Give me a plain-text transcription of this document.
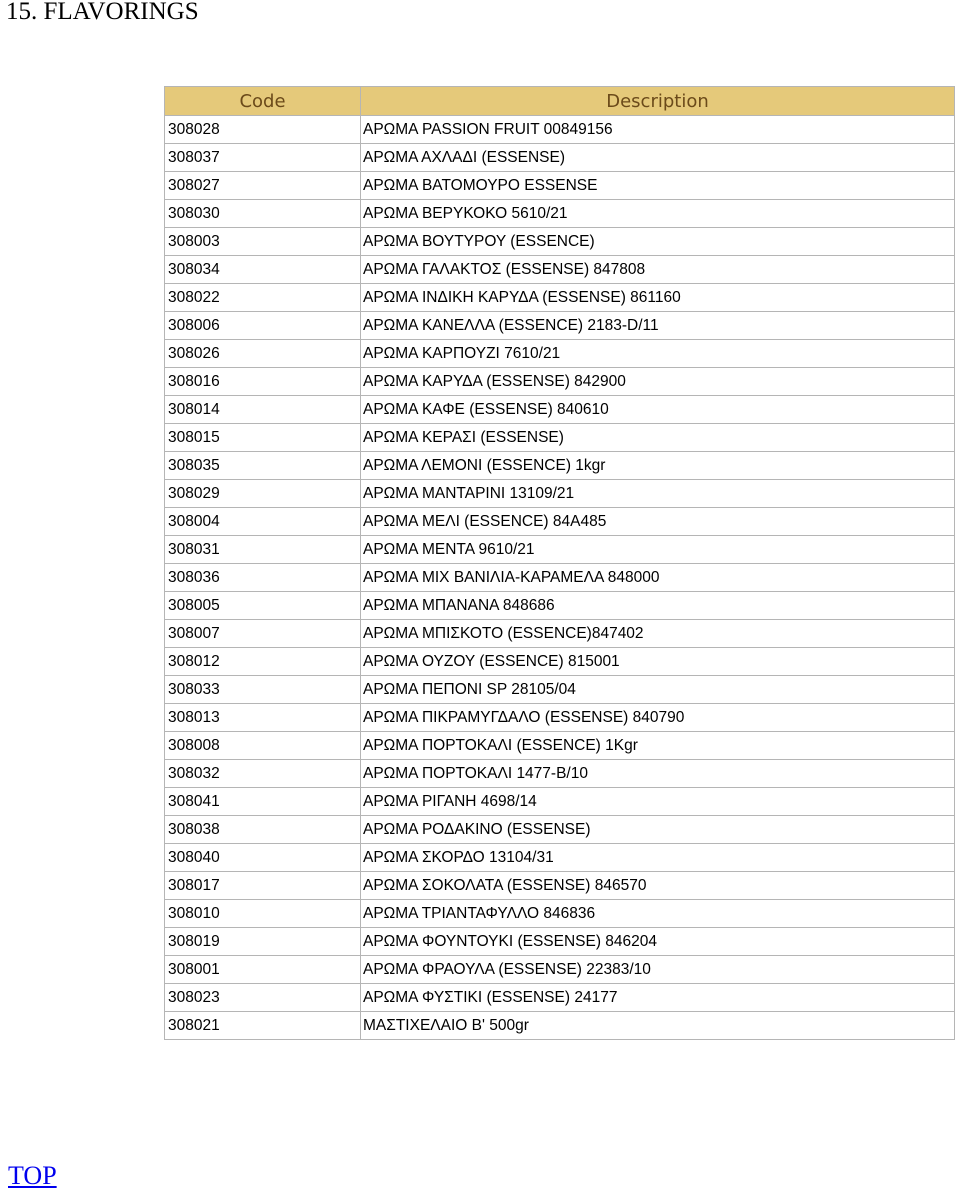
15. FLAVORINGS
Code	Description
308028	ΑΡΩΜΑ PASSION FRUIT 00849156
308037	ΑΡΩΜΑ ΑΧΛΑΔΙ (ESSENSE)
308027	ΑΡΩΜΑ ΒΑΤΟΜΟΥΡΟ ESSENSE
308030	ΑΡΩΜΑ ΒΕΡΥΚΟΚΟ 5610/21
308003	ΑΡΩΜΑ ΒΟΥΤΥΡΟΥ (ESSENCE)
308034	ΑΡΩΜΑ ΓΑΛΑΚΤΟΣ (ESSENSE) 847808
308022	ΑΡΩΜΑ ΙΝΔΙΚΗ ΚΑΡΥΔΑ (ESSENSE) 861160
308006	ΑΡΩΜΑ ΚΑΝΕΛΛΑ (ESSENCE) 2183-D/11
308026	ΑΡΩΜΑ ΚΑΡΠΟΥΖΙ 7610/21
308016	ΑΡΩΜΑ ΚΑΡΥΔΑ (ESSENSE) 842900
308014	ΑΡΩΜΑ ΚΑΦΕ (ESSENSE) 840610
308015	ΑΡΩΜΑ ΚΕΡΑΣΙ (ESSENSE)
308035	ΑΡΩΜΑ ΛΕΜΟΝΙ (ESSENCE) 1kgr
308029	ΑΡΩΜΑ ΜΑΝΤΑΡΙΝΙ 13109/21
308004	ΑΡΩΜΑ ΜΕΛΙ (ESSENCE) 84A485
308031	ΑΡΩΜΑ ΜΕΝΤΑ 9610/21
308036	ΑΡΩΜΑ ΜΙΧ ΒΑΝΙΛΙΑ-ΚΑΡΑΜΕΛΑ 848000
308005	ΑΡΩΜΑ ΜΠΑΝΑΝΑ 848686
308007	ΑΡΩΜΑ ΜΠΙΣΚΟΤΟ (ESSENCE)847402
308012	ΑΡΩΜΑ ΟΥΖΟΥ (ESSENCE) 815001
308033	ΑΡΩΜΑ ΠΕΠΟΝΙ SP 28105/04
308013	ΑΡΩΜΑ ΠΙΚΡΑΜΥΓΔΑΛΟ (ESSENSE) 840790
308008	ΑΡΩΜΑ ΠΟΡΤΟΚΑΛΙ (ESSENCE) 1Kgr
308032	ΑΡΩΜΑ ΠΟΡΤΟΚΑΛΙ 1477-B/10
308041	ΑΡΩΜΑ ΡΙΓΑΝΗ 4698/14
308038	ΑΡΩΜΑ ΡΟΔΑΚΙΝΟ (ESSENSE)
308040	ΑΡΩΜΑ ΣΚΟΡΔΟ 13104/31
308017	ΑΡΩΜΑ ΣΟΚΟΛΑΤΑ (ESSENSE) 846570
308010	ΑΡΩΜΑ ΤΡΙΑΝΤΑΦΥΛΛΟ 846836
308019	ΑΡΩΜΑ ΦΟΥΝΤΟΥΚΙ (ESSENSE) 846204
308001	ΑΡΩΜΑ ΦΡΑΟΥΛΑ (ESSENSE) 22383/10
308023	ΑΡΩΜΑ ΦΥΣΤΙΚΙ (ESSENSE) 24177
308021	ΜΑΣΤΙΧΕΛΑΙΟ Β' 500gr
TOP
